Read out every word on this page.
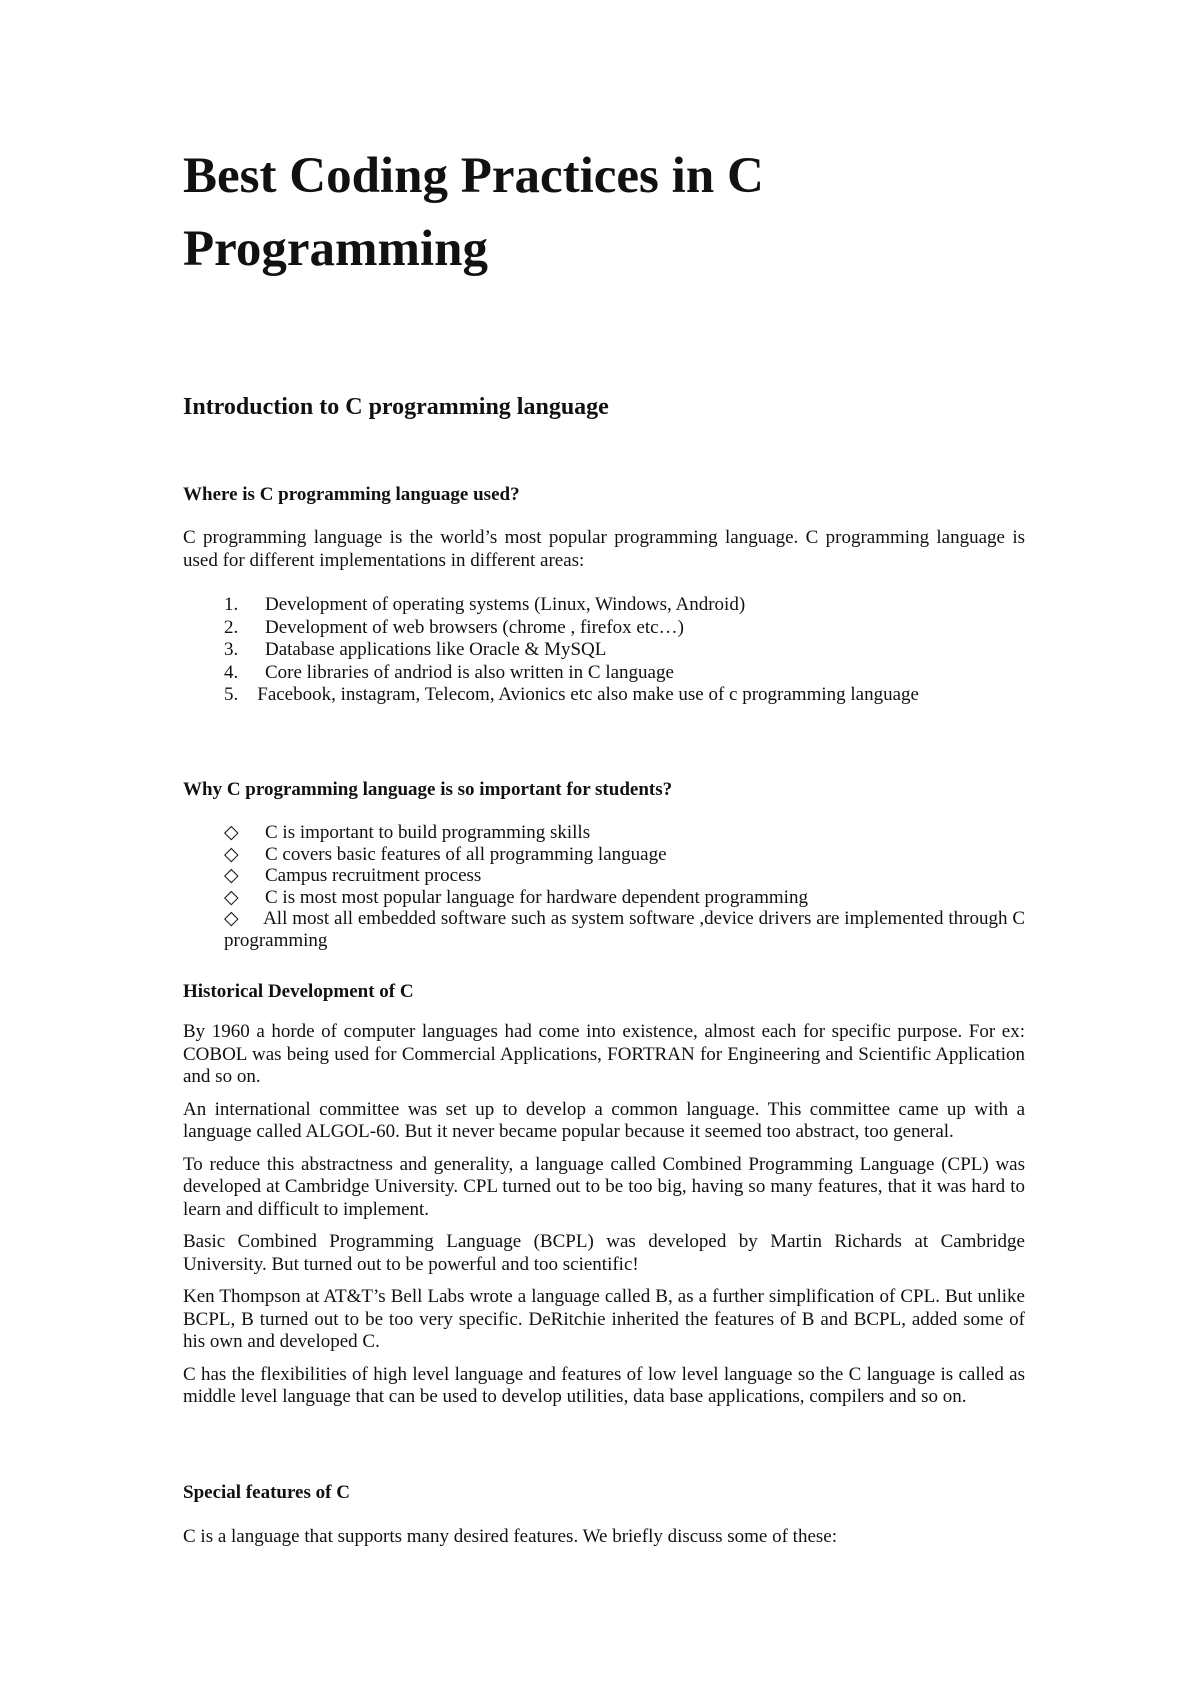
Best Coding Practices in C Programming
Introduction to C programming language
Where is C programming language used?

C programming language is the world’s most popular programming language. C programming language is used for different implementations in different areas:

1. Development of operating systems (Linux, Windows, Android)
2. Development of web browsers (chrome , firefox etc…)
3. Database applications like Oracle & MySQL
4. Core libraries of andriod is also written in C language
5. Facebook, instagram, Telecom, Avionics etc also make use of c programming language
Why C programming language is so important for students?
◇ C is important to build programming skills
◇ C covers basic features of all programming language
◇ Campus recruitment process
◇ C is most most popular language for hardware dependent programming
◇ All most all embedded software such as system software ,device drivers are implemented through C programming
Historical Development of C

By 1960 a horde of computer languages had come into existence, almost each for specific purpose. For ex: COBOL was being used for Commercial Applications, FORTRAN for Engineering and Scientific Application and so on.

An international committee was set up to develop a common language. This committee came up with a language called ALGOL-60. But it never became popular because it seemed too abstract, too general.

To reduce this abstractness and generality, a language called Combined Programming Language (CPL) was developed at Cambridge University. CPL turned out to be too big, having so many features, that it was hard to learn and difficult to implement.

Basic Combined Programming Language (BCPL) was developed by Martin Richards at Cambridge University. But turned out to be powerful and too scientific!

Ken Thompson at AT&T’s Bell Labs wrote a language called B, as a further simplification of CPL. But unlike BCPL, B turned out to be too very specific. DeRitchie inherited the features of B and BCPL, added some of his own and developed C.

C has the flexibilities of high level language and features of low level language so the C language is called as middle level language that can be used to develop utilities, data base applications, compilers and so on.

Special features of C

C is a language that supports many desired features. We briefly discuss some of these:
